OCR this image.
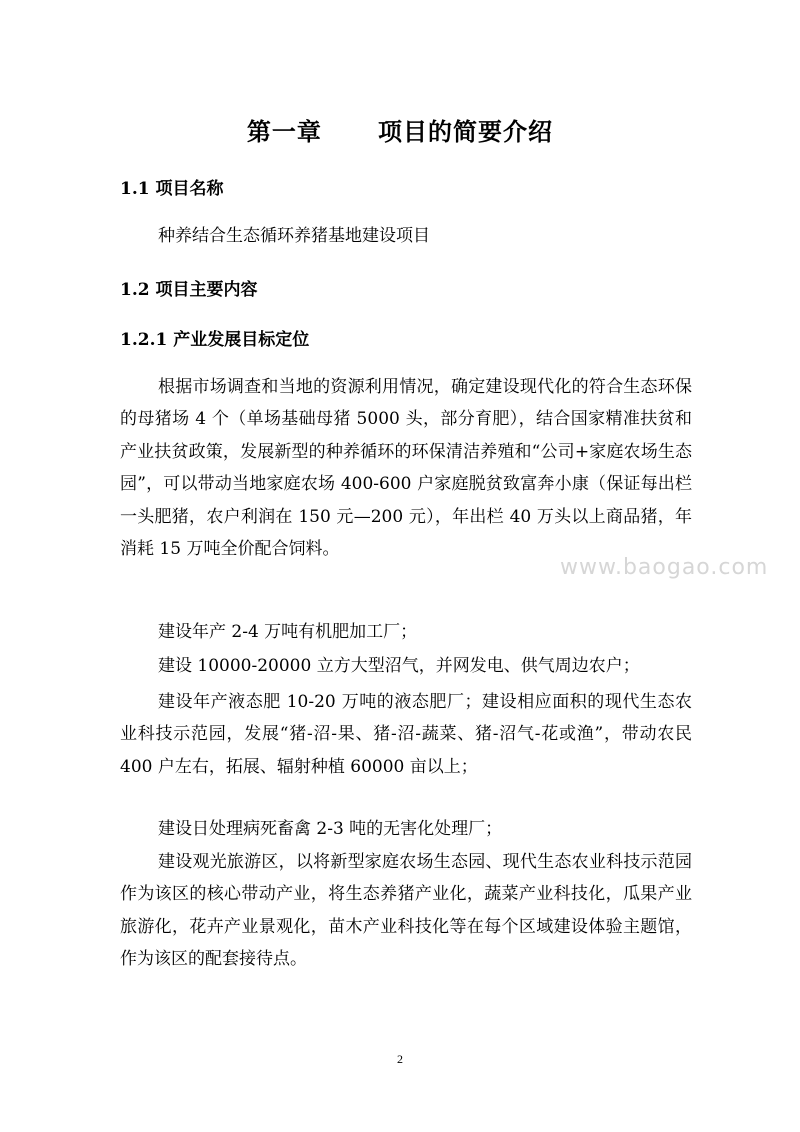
第一章      项目的简要介绍
1.1 项目名称

种养结合生态循环养猪基地建设项目

1.2 项目主要内容
1.2.1 产业发展目标定位

根据市场调查和当地的资源利用情况，确定建设现代化的符合生态环保的母猪场 4 个（单场基础母猪 5000 头，部分育肥），结合国家精准扶贫和产业扶贫政策，发展新型的种养循环的环保清洁养殖和“公司+家庭农场生态园”，可以带动当地家庭农场 400-600 户家庭脱贫致富奔小康（保证每出栏一头肥猪，农户利润在 150 元—200 元），年出栏 40 万头以上商品猪，年消耗 15 万吨全价配合饲料。

建设年产 2-4 万吨有机肥加工厂；

建设 10000-20000 立方大型沼气，并网发电、供气周边农户；

建设年产液态肥 10-20 万吨的液态肥厂；建设相应面积的现代生态农业科技示范园，发展“猪-沼-果、猪-沼-蔬菜、猪-沼气-花或渔”，带动农民 400 户左右，拓展、辐射种植 60000 亩以上；

建设日处理病死畜禽 2-3 吨的无害化处理厂；

建设观光旅游区，以将新型家庭农场生态园、现代生态农业科技示范园作为该区的核心带动产业，将生态养猪产业化，蔬菜产业科技化，瓜果产业旅游化，花卉产业景观化，苗木产业科技化等在每个区域建设体验主题馆，作为该区的配套接待点。

www.baogao.com
2
